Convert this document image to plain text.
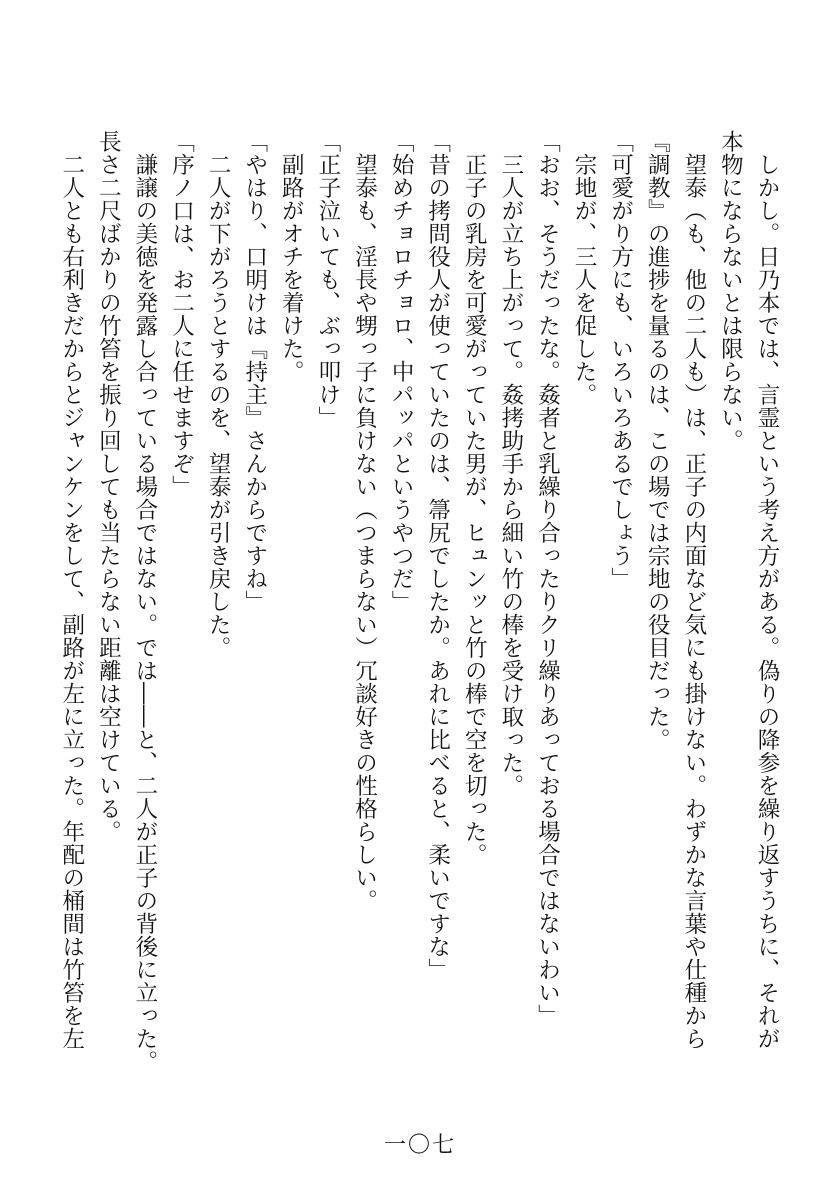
　しかし。日乃本では、言霊という考え方がある。偽りの降参を繰り返すうちに、それが

本物にならないとは限らない。

　望泰（も、他の二人も）は、正子の内面など気にも掛けない。わずかな言葉や仕種から

『調教』の進捗を量るのは、この場では宗地の役目だった。

「可愛がり方にも、いろいろあるでしょう」

　宗地が、三人を促した。

「おお、そうだったな。姦者と乳繰り合ったりクリ繰りあっておる場合ではないわい」

　三人が立ち上がって。姦拷助手から細い竹の棒を受け取った。

　正子の乳房を可愛がっていた男が、ヒュンッと竹の棒で空を切った。

「昔の拷問役人が使っていたのは、箒尻でしたか。あれに比べると、柔いですな」

「始めチョロチョロ、中パッパというやつだ」

　望泰も、淫長や甥っ子に負けない（つまらない）冗談好きの性格らしい。

「正子泣いても、ぶっ叩け」

　副路がオチを着けた。

「やはり、口明けは『持主』さんからですね」

　二人が下がろうとするのを、望泰が引き戻した。

「序ノ口は、お二人に任せますぞ」

　謙譲の美徳を発露し合っている場合ではない。では――と、二人が正子の背後に立った。

長さ二尺ばかりの竹笞を振り回しても当たらない距離は空けている。

　二人とも右利きだからとジャンケンをして、副路が左に立った。年配の桶間は竹笞を左

一〇七
